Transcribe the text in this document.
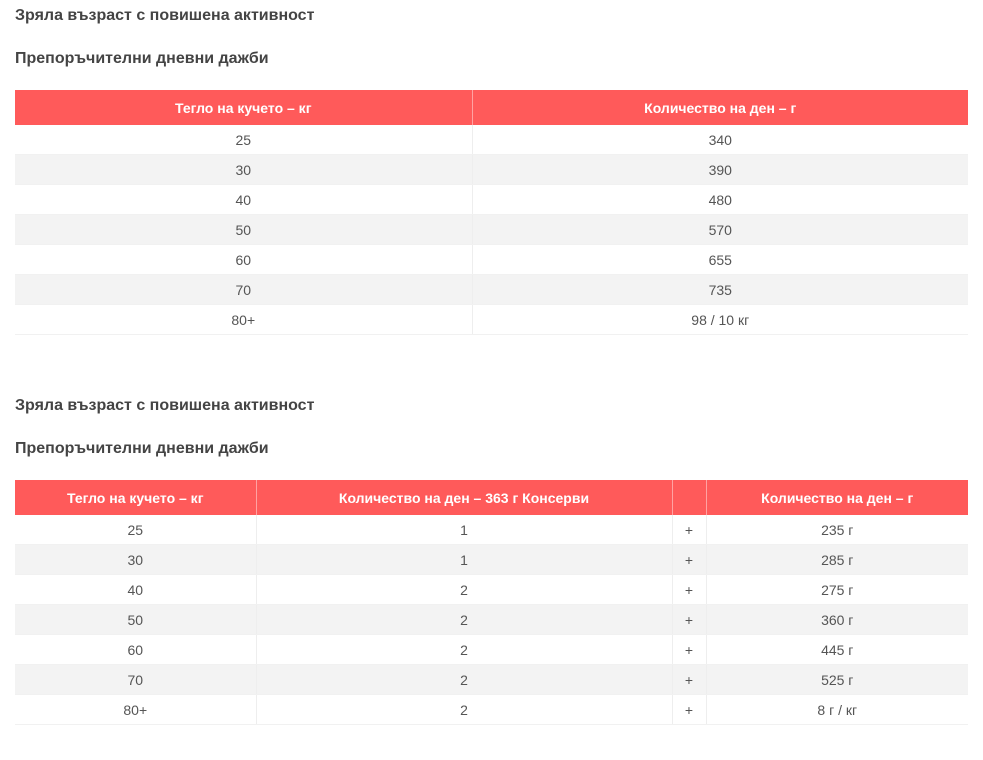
Зряла възраст с повишена активност
Препоръчителни дневни дажби
Тегло на кучето – кг	Количество на ден – г
25	340
30	390
40	480
50	570
60	655
70	735
80+	98 / 10 кг
Зряла възраст с повишена активност
Препоръчителни дневни дажби
Тегло на кучето – кг	Количество на ден – 363 г Консерви		Количество на ден – г
25	1	+	235 г
30	1	+	285 г
40	2	+	275 г
50	2	+	360 г
60	2	+	445 г
70	2	+	525 г
80+	2	+	8 г / кг
